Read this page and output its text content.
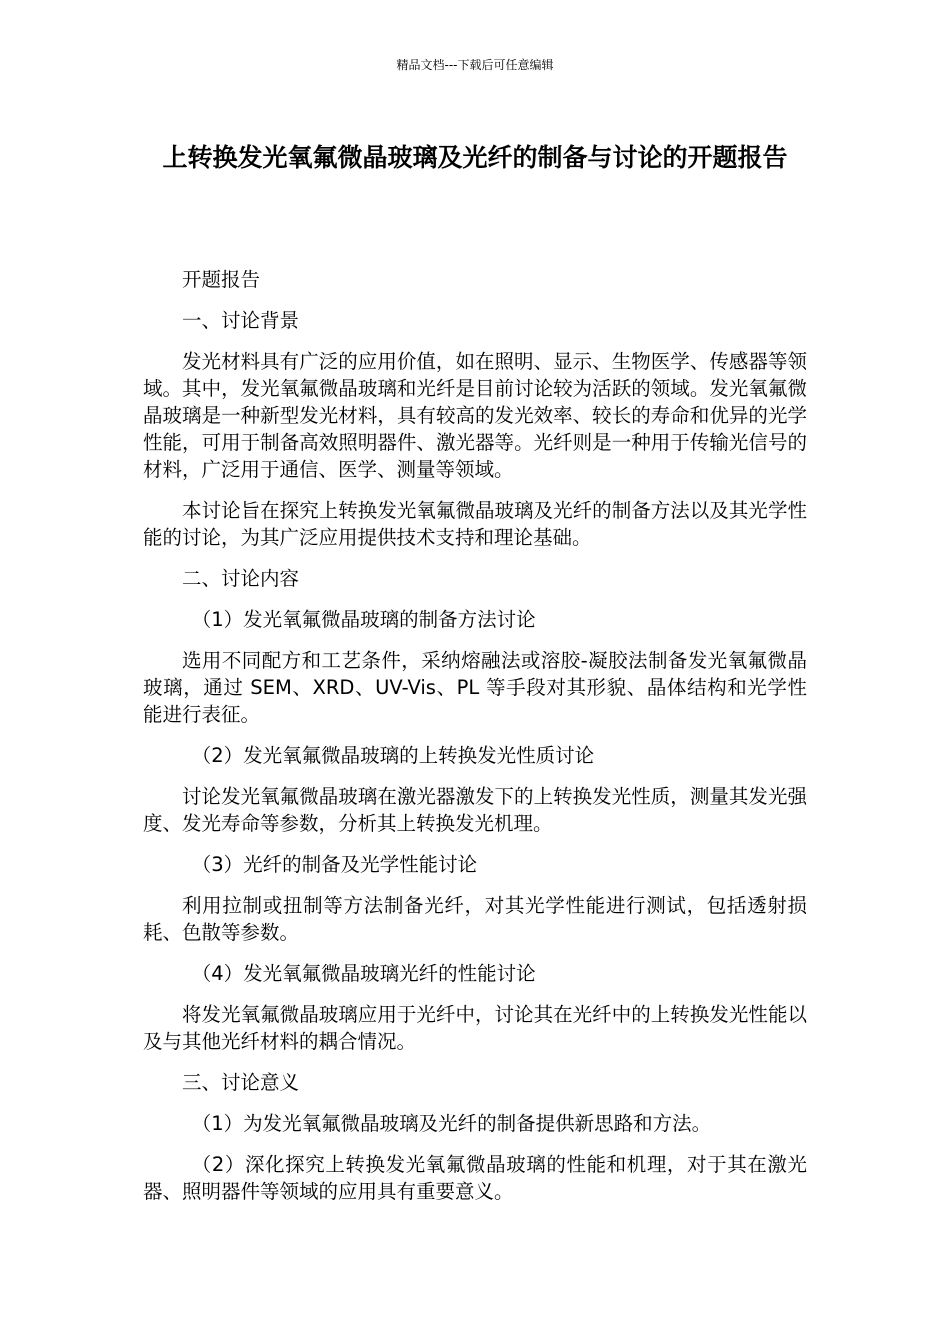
精品文档---下载后可任意编辑
上转换发光氧氟微晶玻璃及光纤的制备与讨论的开题报告

开题报告

一、讨论背景

发光材料具有广泛的应用价值，如在照明、显示、生物医学、传感器等领域。其中，发光氧氟微晶玻璃和光纤是目前讨论较为活跃的领域。发光氧氟微晶玻璃是一种新型发光材料，具有较高的发光效率、较长的寿命和优异的光学性能，可用于制备高效照明器件、激光器等。光纤则是一种用于传输光信号的材料，广泛用于通信、医学、测量等领域。

本讨论旨在探究上转换发光氧氟微晶玻璃及光纤的制备方法以及其光学性能的讨论，为其广泛应用提供技术支持和理论基础。

二、讨论内容

（1）发光氧氟微晶玻璃的制备方法讨论

选用不同配方和工艺条件，采纳熔融法或溶胶-凝胶法制备发光氧氟微晶玻璃，通过 SEM、XRD、UV-Vis、PL 等手段对其形貌、晶体结构和光学性能进行表征。

（2）发光氧氟微晶玻璃的上转换发光性质讨论

讨论发光氧氟微晶玻璃在激光器激发下的上转换发光性质，测量其发光强度、发光寿命等参数，分析其上转换发光机理。

（3）光纤的制备及光学性能讨论

利用拉制或扭制等方法制备光纤，对其光学性能进行测试，包括透射损耗、色散等参数。

（4）发光氧氟微晶玻璃光纤的性能讨论

将发光氧氟微晶玻璃应用于光纤中，讨论其在光纤中的上转换发光性能以及与其他光纤材料的耦合情况。

三、讨论意义

（1）为发光氧氟微晶玻璃及光纤的制备提供新思路和方法。

（2）深化探究上转换发光氧氟微晶玻璃的性能和机理，对于其在激光器、照明器件等领域的应用具有重要意义。
